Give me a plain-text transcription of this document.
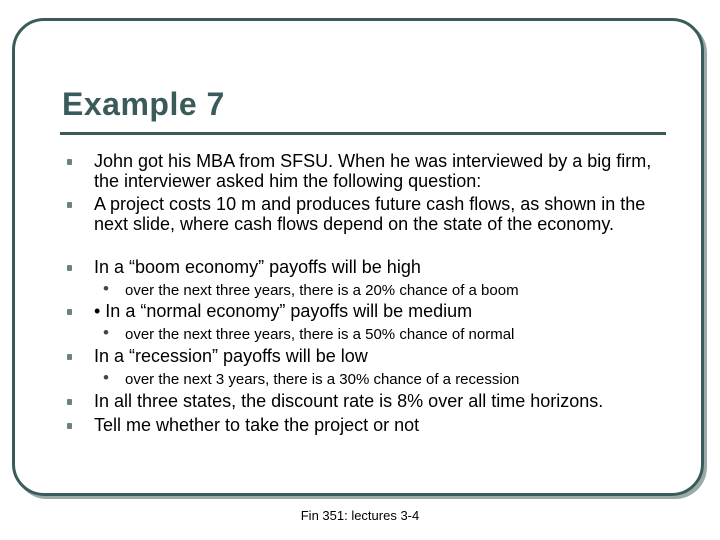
Example 7
John got his MBA from SFSU. When he was interviewed by a big firm, the interviewer asked him the following question:
A project costs 10 m and produces future cash flows, as shown in the next slide, where cash flows depend on the state of the economy.
In a “boom economy” payoffs will be high
• over the next three years, there is a 20% chance of a boom
• In a “normal economy” payoffs will be medium
• over the next three years, there is a 50% chance of normal
In a “recession” payoffs will be low
• over the next 3 years, there is a 30% chance of a recession
In all three states, the discount rate is 8% over all time horizons.
Tell me whether to take the project or not
Fin 351: lectures 3-4
